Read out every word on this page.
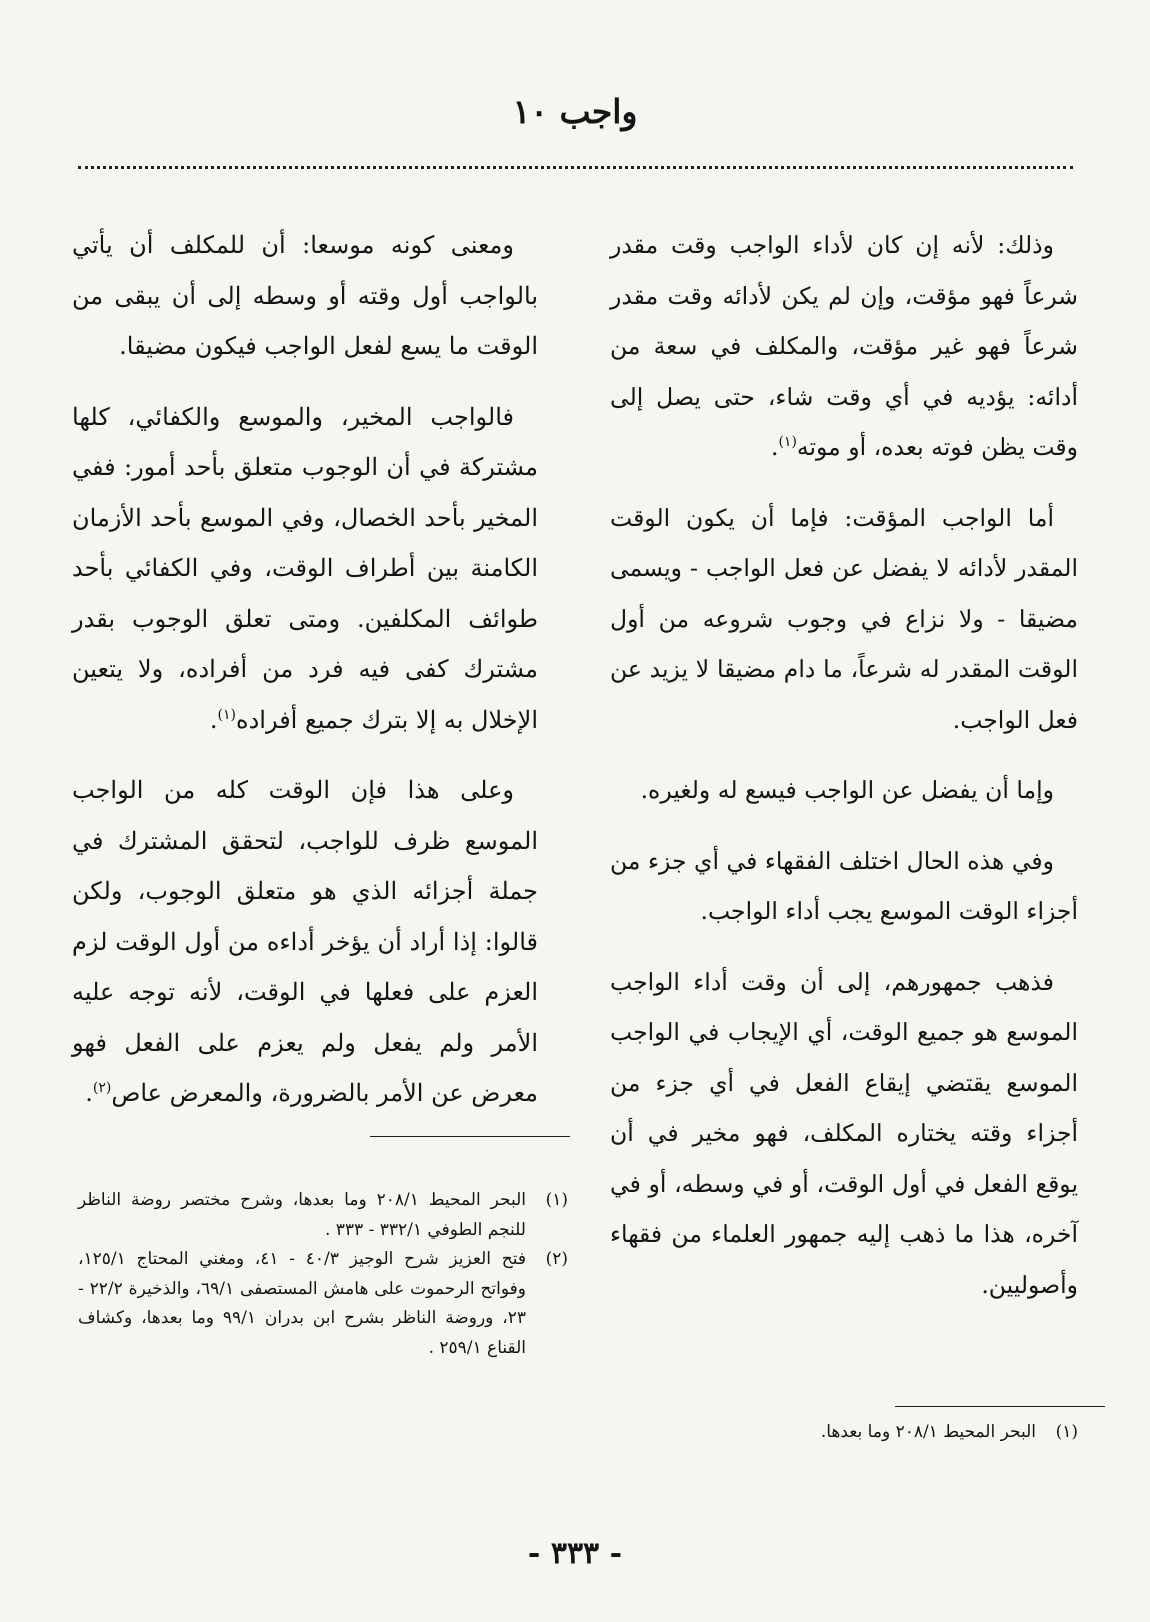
واجب ١٠

وذلك: لأنه إن كان لأداء الواجب وقت مقدر شرعاً فهو مؤقت، وإن لم يكن لأدائه وقت مقدر شرعاً فهو غير مؤقت، والمكلف في سعة من أدائه: يؤديه في أي وقت شاء، حتى يصل إلى وقت يظن فوته بعده، أو موته$^{(١)}$.

أما الواجب المؤقت: فإما أن يكون الوقت المقدر لأدائه لا يفضل عن فعل الواجب - ويسمى مضيقا - ولا نزاع في وجوب شروعه من أول الوقت المقدر له شرعاً، ما دام مضيقا لا يزيد عن فعل الواجب.

وإما أن يفضل عن الواجب فيسع له ولغيره.

وفي هذه الحال اختلف الفقهاء في أي جزء من أجزاء الوقت الموسع يجب أداء الواجب.

فذهب جمهورهم، إلى أن وقت أداء الواجب الموسع هو جميع الوقت، أي الإيجاب في الواجب الموسع يقتضي إيقاع الفعل في أي جزء من أجزاء وقته يختاره المكلف، فهو مخير في أن يوقع الفعل في أول الوقت، أو في وسطه، أو في آخره، هذا ما ذهب إليه جمهور العلماء من فقهاء وأصوليين.

ومعنى كونه موسعا: أن للمكلف أن يأتي بالواجب أول وقته أو وسطه إلى أن يبقى من الوقت ما يسع لفعل الواجب فيكون مضيقا.

فالواجب المخير، والموسع والكفائي، كلها مشتركة في أن الوجوب متعلق بأحد أمور: ففي المخير بأحد الخصال، وفي الموسع بأحد الأزمان الكامنة بين أطراف الوقت، وفي الكفائي بأحد طوائف المكلفين. ومتى تعلق الوجوب بقدر مشترك كفى فيه فرد من أفراده، ولا يتعين الإخلال به إلا بترك جميع أفراده$^{(١)}$.

وعلى هذا فإن الوقت كله من الواجب الموسع ظرف للواجب، لتحقق المشترك في جملة أجزائه الذي هو متعلق الوجوب، ولكن قالوا: إذا أراد أن يؤخر أداءه من أول الوقت لزم العزم على فعلها في الوقت، لأنه توجه عليه الأمر ولم يفعل ولم يعزم على الفعل فهو معرض عن الأمر بالضرورة، والمعرض عاص$^{(٢)}$.

(١)
البحر المحيط ٢٠٨/١ وما بعدها، وشرح مختصر روضة الناظر للنجم الطوفي ٣٣٢/١ - ٣٣٣ .
(٢)
فتح العزيز شرح الوجيز ٤٠/٣ - ٤١، ومغني المحتاج ١٢٥/١، وفواتح الرحموت على هامش المستصفى ٦٩/١، والذخيرة ٢٢/٢ - ٢٣، وروضة الناظر بشرح ابن بدران ٩٩/١ وما بعدها، وكشاف القناع ٢٥٩/١ .
(١)
البحر المحيط ٢٠٨/١ وما بعدها.
- ٣٣٣ -
